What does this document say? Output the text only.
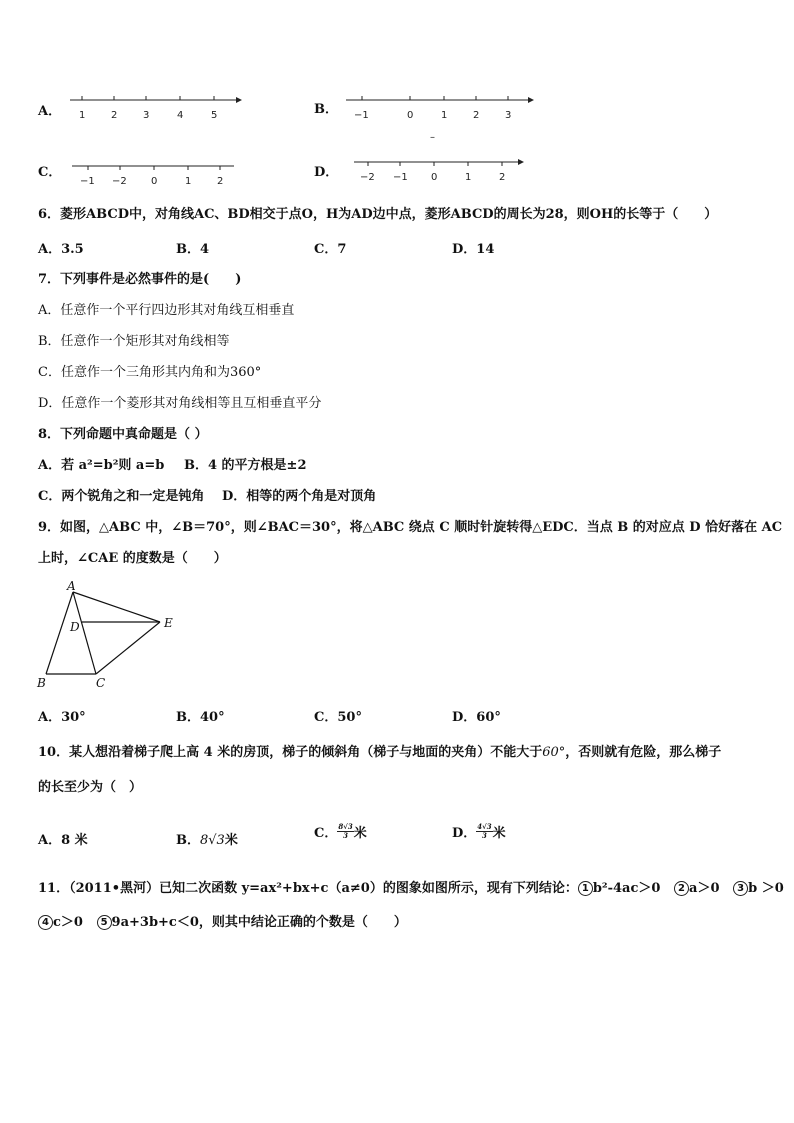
A． 1	2	3	4	5	B． −1	0	1	2	3
–
C．
−1 −2 0	1	2
D． −2 −1 0	1	2
6．菱形ABCD中，对角线AC、BD相交于点O，H为AD边中点，菱形ABCD的周长为28，则OH的长等于（　　）
A．3.5	B．4	C．7	D．14
7．下列事件是必然事件的是(　　)
A．任意作一个平行四边形其对角线互相垂直
B．任意作一个矩形其对角线相等
C．任意作一个三角形其内角和为360°
D．任意作一个菱形其对角线相等且互相垂直平分
8．下列命题中真命题是（ ）
A．若 a²=b²则 a=b B．4 的平方根是±2
C．两个锐角之和一定是钝角 D．相等的两个角是对顶角
9．如图，△ABC 中，∠B＝70°，则∠BAC＝30°，将△ABC 绕点 C 顺时针旋转得△EDC．当点 B 的对应点 D 恰好落在 AC
上时，∠CAE 的度数是（　　）
A
D	E
B	C
A．30°	B．40°	C．50°	D．60°
10．某人想沿着梯子爬上高 4 米的房顶，梯子的倾斜角（梯子与地面的夹角）不能大于60°，否则就有危险，那么梯子
的长至少为（　）
A．8 米	B．8√3米	C． $\frac{8√3}{3}$ 米	D． $\frac{4√3}{3}$ 米
11．（2011•黑河）已知二次函数 y=ax²+bx+c（a≠0）的图象如图所示，现有下列结论： 1 b²-4ac＞0 2 a＞0 3 b ＞0
4 c＞0 5 9a+3b+c＜0，则其中结论正确的个数是（　　）
